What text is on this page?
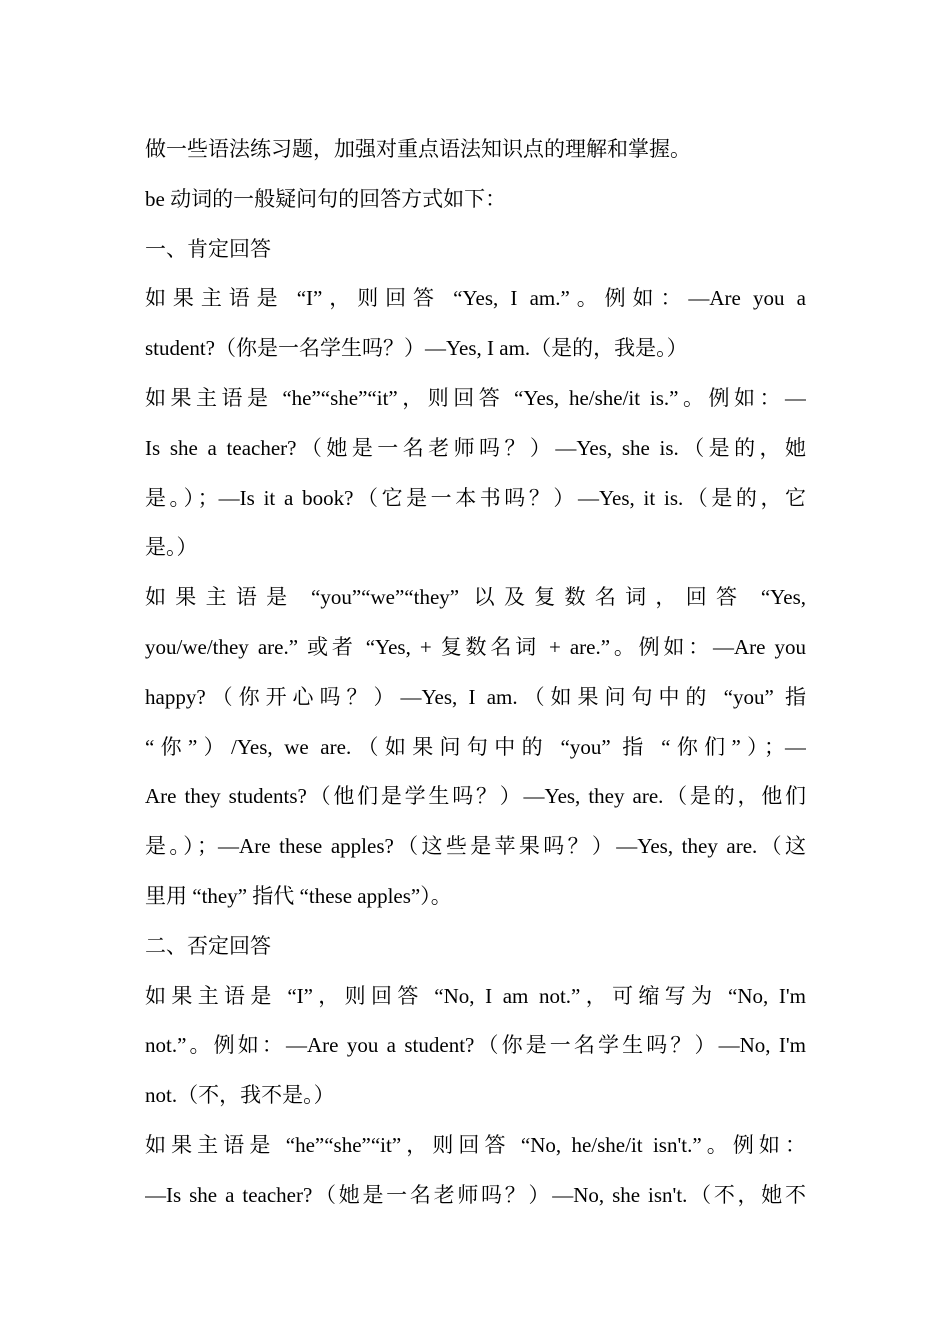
做一些语法练习题，加强对重点语法知识点的理解和掌握。
be 动词的一般疑问句的回答方式如下：
一、肯定回答
如果主语是 “I”，则回答 “Yes, I am.”。例如：—Are you a
student?（你是一名学生吗？）—Yes, I am.（是的，我是。）
如果主语是 “he”“she”“it”，则回答 “Yes, he/she/it is.”。例如：—
Is she a teacher?（她是一名老师吗？）—Yes, she is.（是的，她
是。）；—Is it a book?（它是一本书吗？）—Yes, it is.（是的，它
是。）
如果主语是 “you”“we”“they” 以及复数名词，回答 “Yes,
you/we/they are.” 或者 “Yes, + 复数名词 + are.”。例如：—Are you
happy?（你开心吗？）—Yes, I am.（如果问句中的 “you” 指
“你”）/Yes, we are.（如果问句中的 “you” 指 “你们”）；—
Are they students?（他们是学生吗？）—Yes, they are.（是的，他们
是。）；—Are these apples?（这些是苹果吗？）—Yes, they are.（这
里用 “they” 指代 “these apples”）。
二、否定回答
如果主语是 “I”，则回答 “No, I am not.”，可缩写为 “No, I'm
not.”。例如：—Are you a student?（你是一名学生吗？）—No, I'm
not.（不，我不是。）
如果主语是 “he”“she”“it”，则回答 “No, he/she/it isn't.”。例如：
—Is she a teacher?（她是一名老师吗？）—No, she isn't.（不，她不
